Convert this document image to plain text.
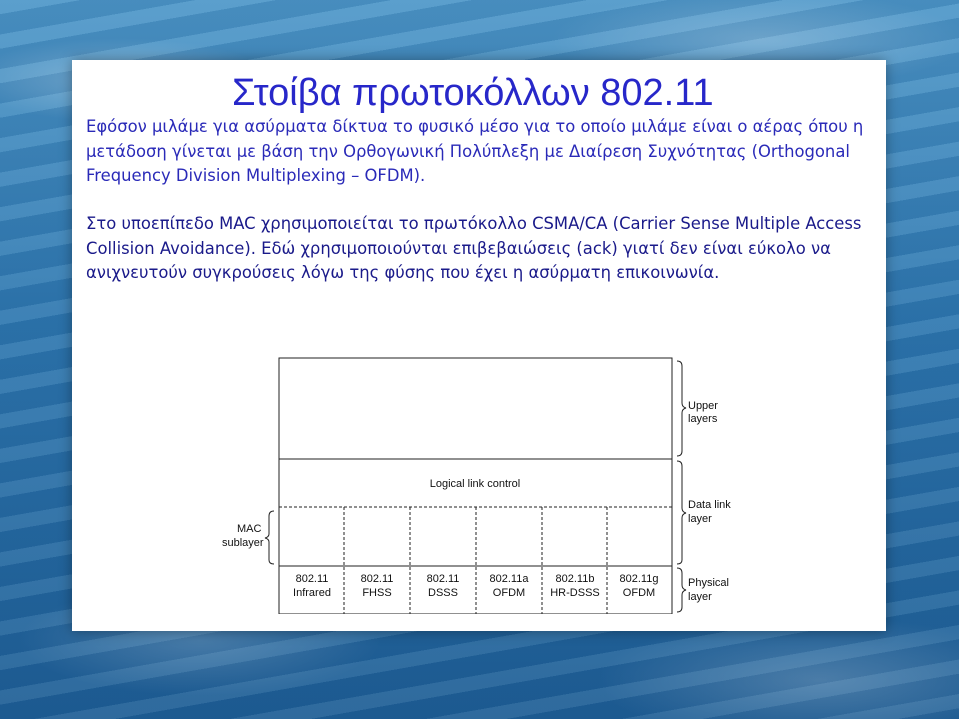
Στοίβα πρωτοκόλλων 802.11

Εφόσον μιλάμε για ασύρματα δίκτυα το φυσικό μέσο για το οποίο μιλάμε είναι ο αέρας όπου η μετάδοση γίνεται με βάση την Ορθογωνική Πολύπλεξη με Διαίρεση Συχνότητας (Orthogonal Frequency Division Multiplexing – OFDM).

Στο υποεπίπεδο MAC χρησιμοποιείται το πρωτόκολλο CSMA/CA (Carrier Sense Multiple Access Collision Avoidance). Εδώ χρησιμοποιούνται επιβεβαιώσεις (ack) γιατί δεν είναι εύκολο να ανιχνευτούν συγκρούσεις λόγω της φύσης που έχει η ασύρματη επικοινωνία.

Logical link control
MAC
sublayer
Upper
layers
Data link
layer
Physical
layer
802.11
Infrared
802.11
FHSS
802.11
DSSS
802.11a
OFDM
802.11b
HR-DSSS
802.11g
OFDM
